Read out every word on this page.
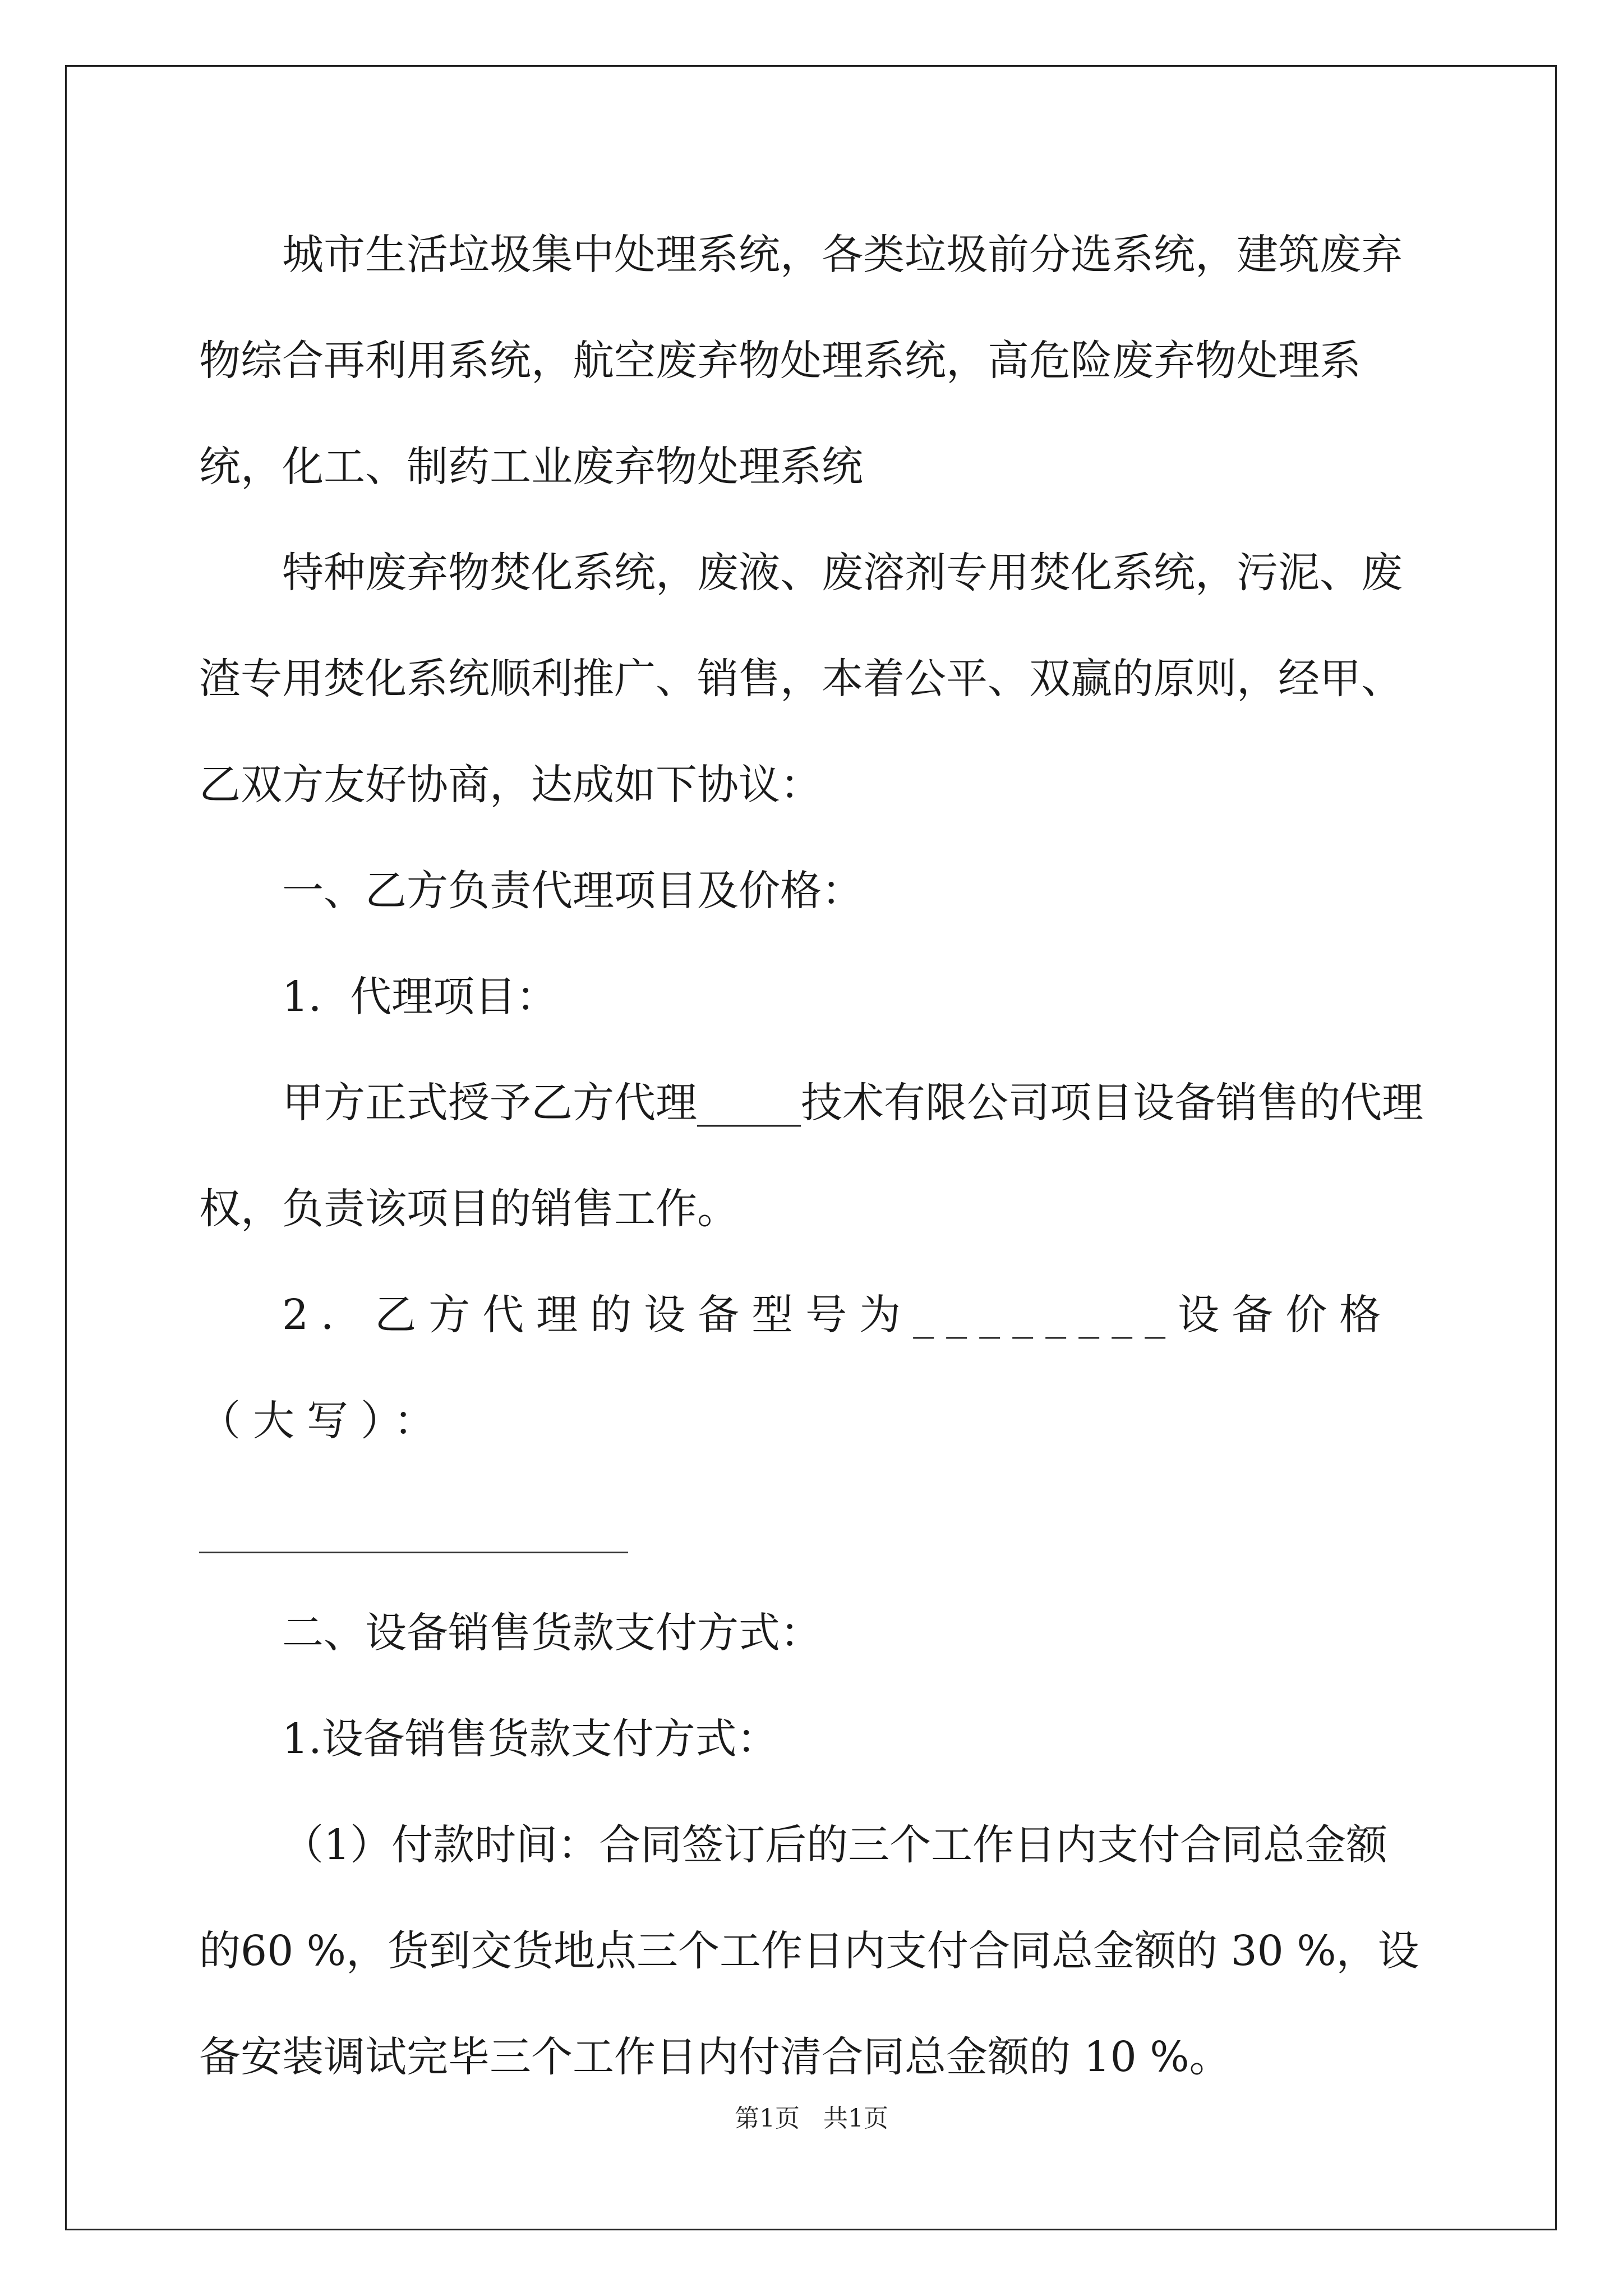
城市生活垃圾集中处理系统，各类垃圾前分选系统，建筑废弃物综合再利用系统，航空废弃物处理系统，高危险废弃物处理系统，化工、制药工业废弃物处理系统

特种废弃物焚化系统，废液、废溶剂专用焚化系统，污泥、废渣专用焚化系统顺利推广、销售，本着公平、双赢的原则，经甲、乙双方友好协商，达成如下协议：

一、乙方负责代理项目及价格：

1．代理项目：

甲方正式授予乙方代理_____技术有限公司项目设备销售的代理权，负责该项目的销售工作。

2．乙方代理的设备型号为________设备价格（大写）：

二、设备销售货款支付方式：

1.设备销售货款支付方式：

（1）付款时间：合同签订后的三个工作日内支付合同总金额的60 %，货到交货地点三个工作日内支付合同总金额的 30 %，设备安装调试完毕三个工作日内付清合同总金额的 10 %。

第1页   共1页
